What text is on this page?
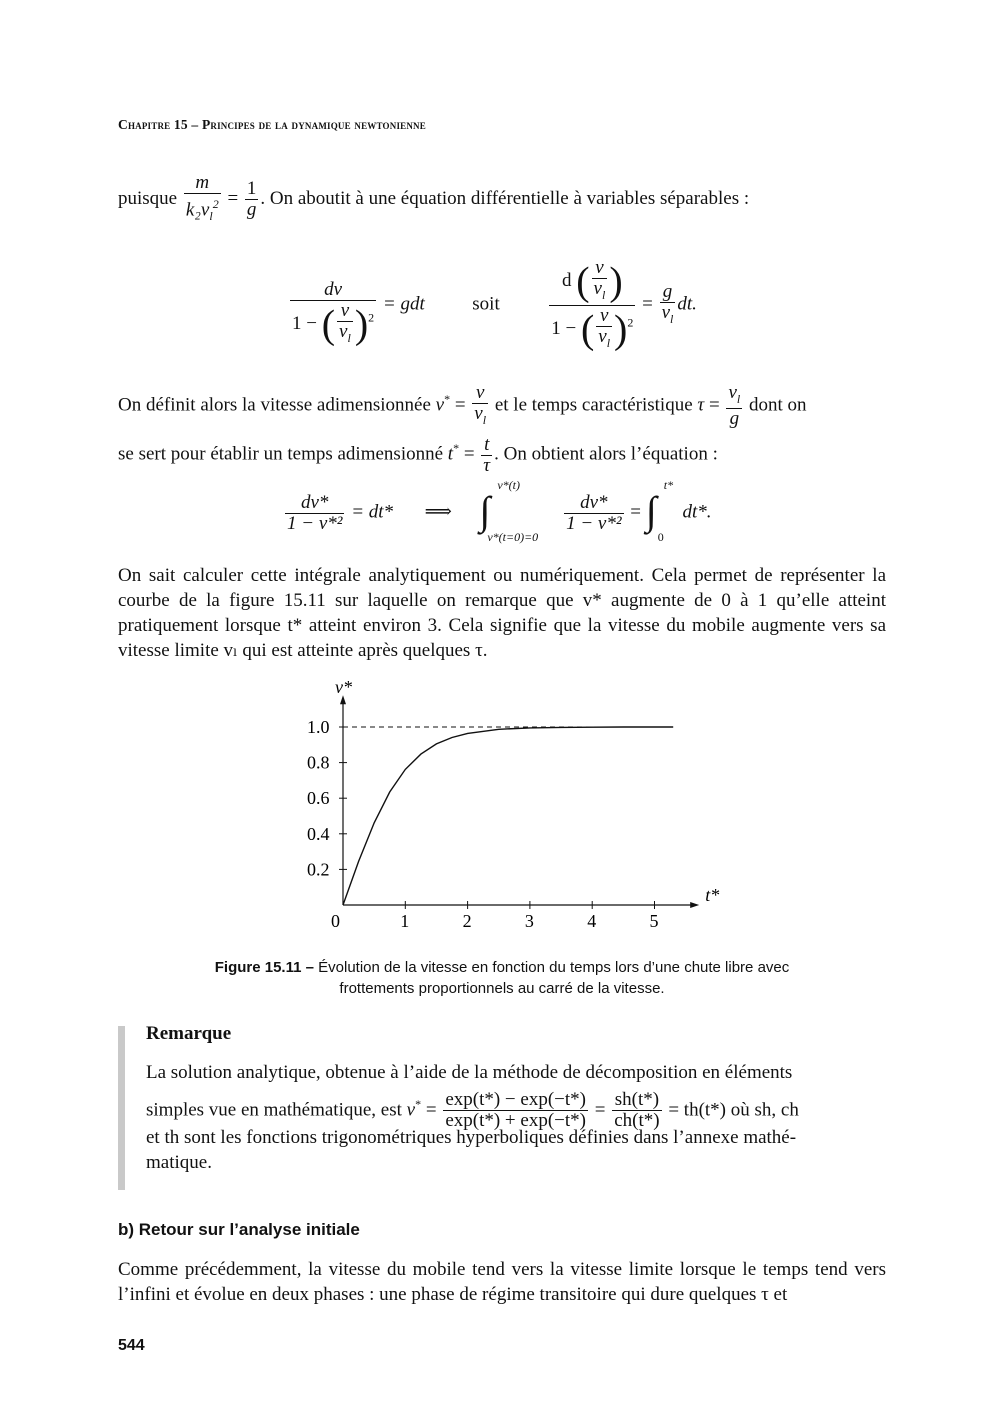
Chapitre 15 – Principes de la dynamique newtonienne
puisque $\frac{m}{k_2v_l^2} = \frac{1}{g}$ . On aboutit à une équation différentielle à variables séparables :
$\frac{dv}{1 - ( \frac{v}{v_l} )^2}$ = gdt	soit	$\frac{d ( \frac{v}{v_l} )}{1 - ( \frac{v}{v_l} )^2} = \frac{g}{v_l}$ dt.
On définit alors la vitesse adimensionnée $v^* = \frac{v}{v_l}$ et le temps caractéristique $\tau = \frac{v_l}{g}$ dont on
se sert pour établir un temps adimensionné $t^* = \frac{t}{\tau}$ . On obtient alors l’équation :
$\frac{dv*}{\text{1 − v*²}} = dt*$ ⟹ ∫
v*(t)
v*(t=0)=0

$\frac{dv*}{\text{1 − v*²}}$ = ∫
t*
0
dt*.
On sait calculer cette intégrale analytiquement ou numériquement. Cela permet de représenter la courbe de la figure 15.11 sur laquelle on remarque que v* augmente de 0 à 1 qu’elle atteint pratiquement lorsque t* atteint environ 3. Cela signifie que la vitesse du mobile augmente vers sa vitesse limite vₗ qui est atteinte après quelques τ.
t*
v*
0	1	2	3	4	5
0.2
0.4
0.6
0.8
1.0
Figure 15.11 – Évolution de la vitesse en fonction du temps lors d’une chute libre avec
frottements proportionnels au carré de la vitesse.
Remarque
La solution analytique, obtenue à l’aide de la méthode de décomposition en éléments
simples vue en mathématique, est $v^* = \frac{\exp(t*) - \exp(-t*)}{\exp(t*) + \exp(-t*)} = \frac{sh(t*)}{ch(t*)} = th(t*)$ où sh, ch
et th sont les fonctions trigonométriques hyperboliques définies dans l’annexe mathé-
matique.
b) Retour sur l’analyse initiale
Comme précédemment, la vitesse du mobile tend vers la vitesse limite lorsque le temps tend vers l’infini et évolue en deux phases : une phase de régime transitoire qui dure quelques τ et
544
